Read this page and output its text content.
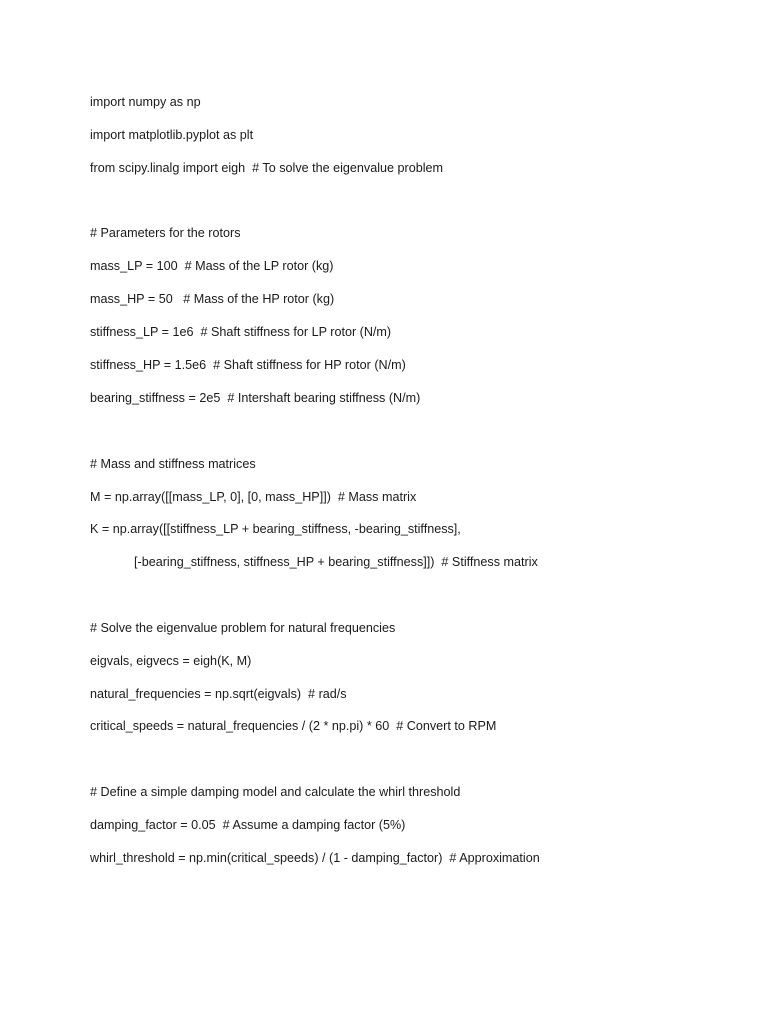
import numpy as np
import matplotlib.pyplot as plt
from scipy.linalg import eigh  # To solve the eigenvalue problem
# Parameters for the rotors
mass_LP = 100  # Mass of the LP rotor (kg)
mass_HP = 50   # Mass of the HP rotor (kg)
stiffness_LP = 1e6  # Shaft stiffness for LP rotor (N/m)
stiffness_HP = 1.5e6  # Shaft stiffness for HP rotor (N/m)
bearing_stiffness = 2e5  # Intershaft bearing stiffness (N/m)
# Mass and stiffness matrices
M = np.array([[mass_LP, 0], [0, mass_HP]])  # Mass matrix
K = np.array([[stiffness_LP + bearing_stiffness, -bearing_stiffness],
[-bearing_stiffness, stiffness_HP + bearing_stiffness]])  # Stiffness matrix
# Solve the eigenvalue problem for natural frequencies
eigvals, eigvecs = eigh(K, M)
natural_frequencies = np.sqrt(eigvals)  # rad/s
critical_speeds = natural_frequencies / (2 * np.pi) * 60  # Convert to RPM
# Define a simple damping model and calculate the whirl threshold
damping_factor = 0.05  # Assume a damping factor (5%)
whirl_threshold = np.min(critical_speeds) / (1 - damping_factor)  # Approximation
